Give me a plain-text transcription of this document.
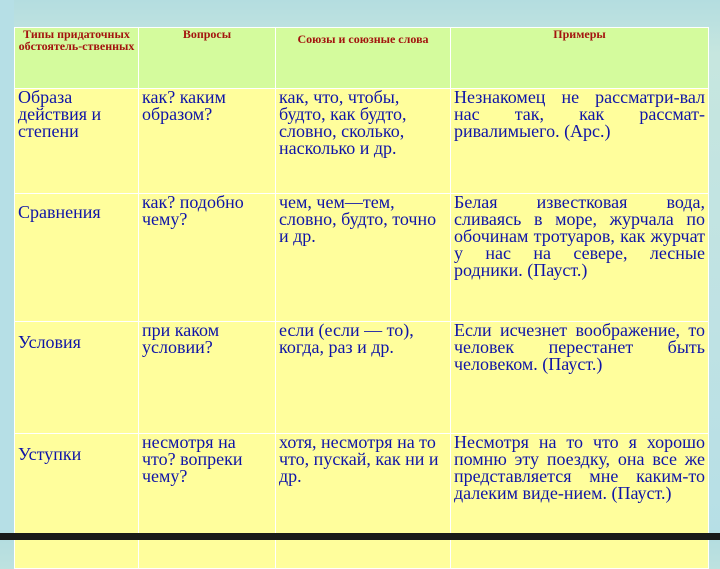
Типы придаточных обстоятель-ственных	Вопросы	Союзы и союзные слова	Примеры
Образа действия и степени	как? каким образом?	как, что, чтобы, будто, как будто, словно, сколько, насколько и др.	Незнакомец не рассматри-вал нас так, как рассмат-ривалимыего. (Арс.)
Сравнения	как? подобно чему?	чем, чем—тем, словно, будто, точно и др.	Белая известковая вода, сливаясь в море, журчала по обочинам тротуаров, как журчат у нас на севере, лесные родники. (Пауст.)
Условия	при каком условии?	если (если — то), когда, раз и др.	Если исчезнет воображение, то человек перестанет быть человеком. (Пауст.)
Уступки	несмотря на что? вопреки чему?	хотя, несмотря на то что, пускай, как ни и др.	Несмотря на то что я хорошо помню эту поездку, она все же представляется мне каким-то далеким виде-нием. (Пауст.)
